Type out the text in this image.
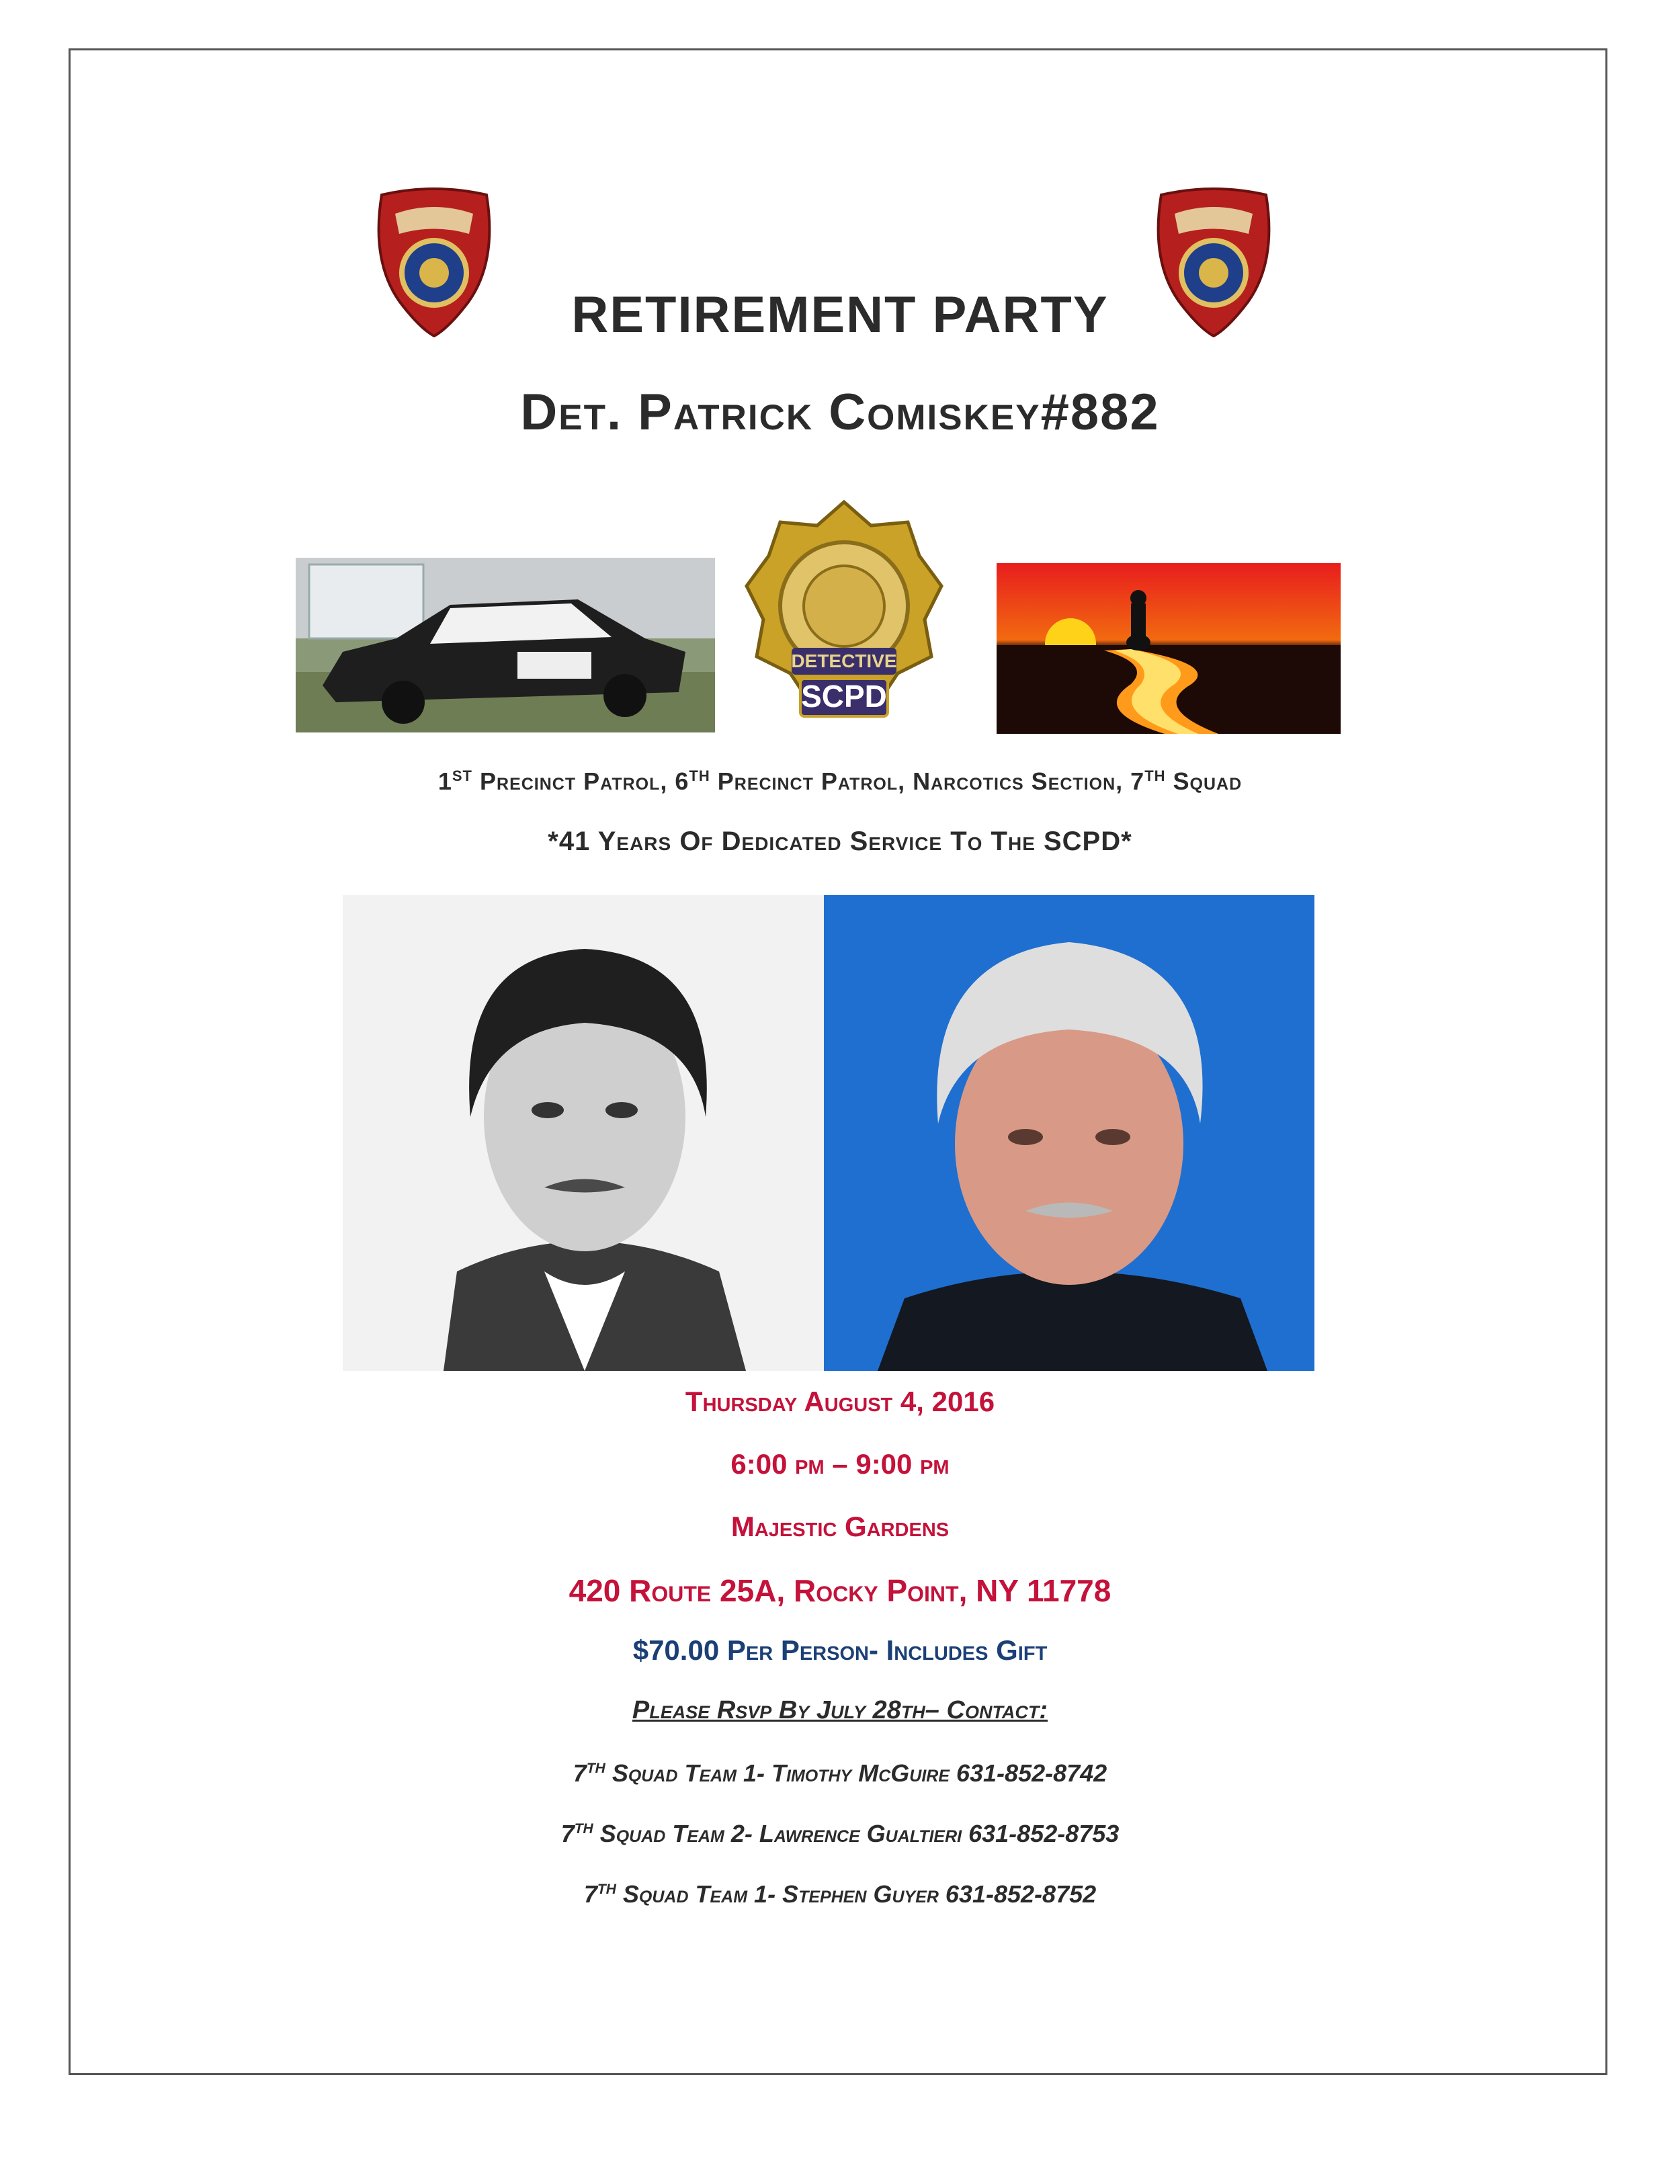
RETIREMENT PARTY
Det. Patrick Comiskey#882
DETECTIVE
SCPD
1ST Precinct Patrol, 6TH Precinct Patrol, Narcotics Section, 7TH Squad
*41 Years Of Dedicated Service To The SCPD*
Thursday August 4, 2016
6:00 pm – 9:00 pm
Majestic Gardens
420 Route 25A, Rocky Point, NY 11778
$70.00 Per Person- Includes Gift
Please Rsvp By July 28th– Contact:
7TH Squad Team 1- Timothy McGuire 631-852-8742
7TH Squad Team 2- Lawrence Gualtieri 631-852-8753
7TH Squad Team 1- Stephen Guyer 631-852-8752
